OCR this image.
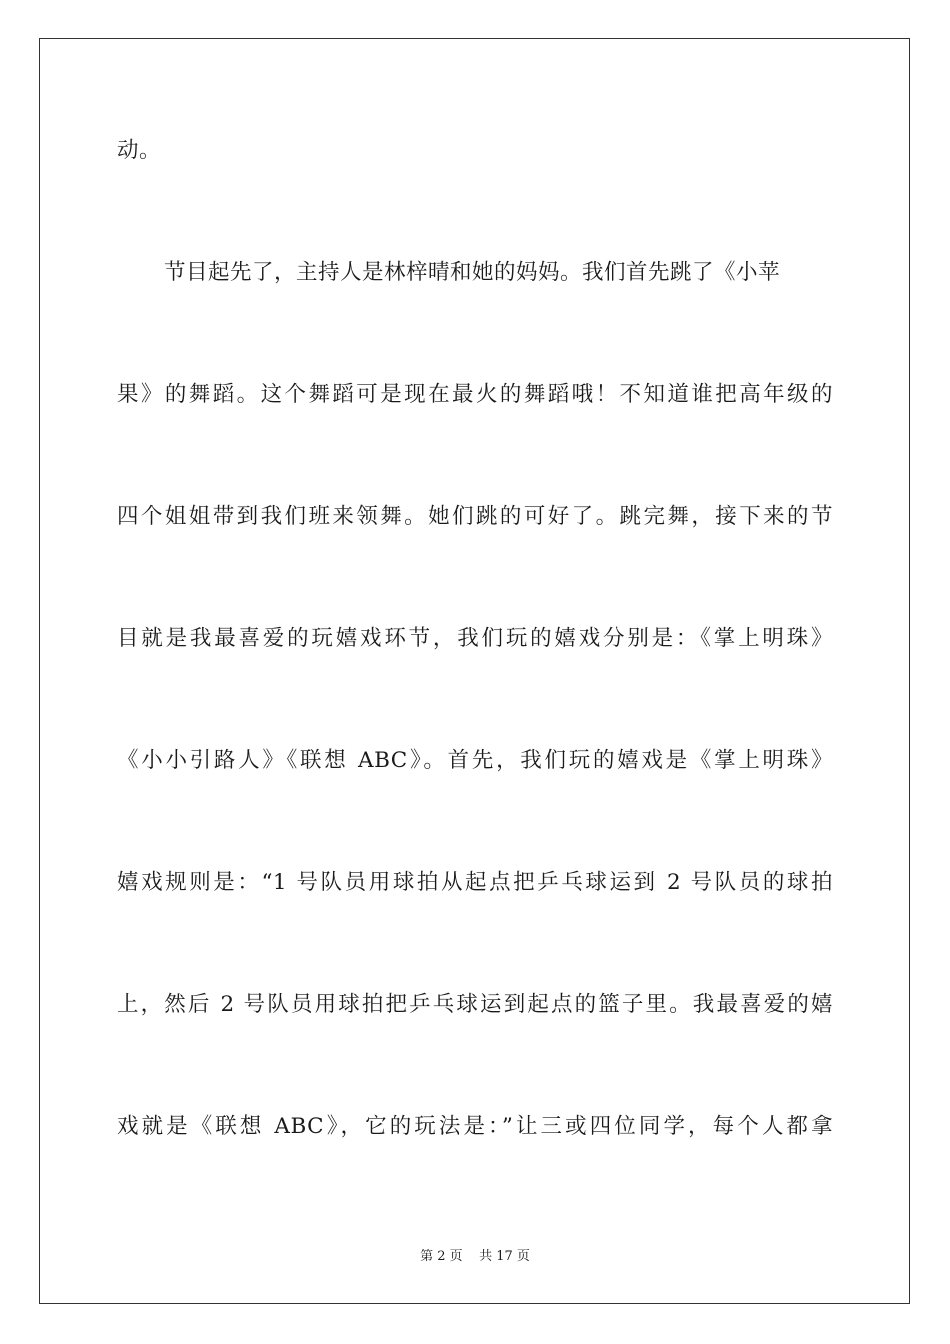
动。
节目起先了，主持人是林梓晴和她的妈妈。我们首先跳了《小苹
果》的舞蹈。这个舞蹈可是现在最火的舞蹈哦！不知道谁把高年级的
四个姐姐带到我们班来领舞。她们跳的可好了。跳完舞，接下来的节
目就是我最喜爱的玩嬉戏环节，我们玩的嬉戏分别是：《掌上明珠》
《小小引路人》《联想 ABC》。首先，我们玩的嬉戏是《掌上明珠》
嬉戏规则是：“1 号队员用球拍从起点把乒乓球运到 2 号队员的球拍
上，然后 2 号队员用球拍把乒乓球运到起点的篮子里。我最喜爱的嬉
戏就是《联想 ABC》，它的玩法是：”让三或四位同学，每个人都拿
第 2 页    共 17 页
